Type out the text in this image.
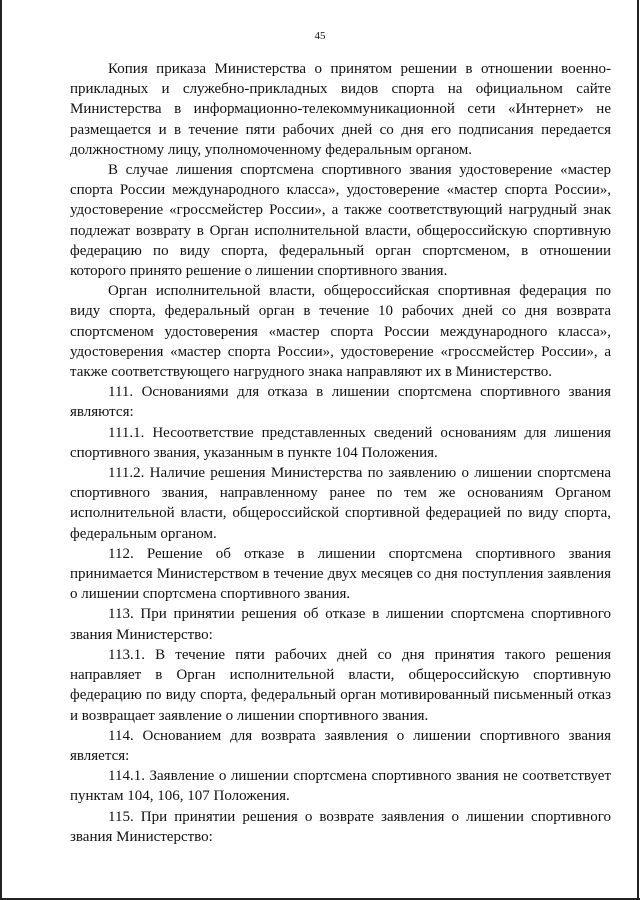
45

Копия приказа Министерства о принятом решении в отношении военно-прикладных и служебно-прикладных видов спорта на официальном сайте Министерства в информационно-телекоммуникационной сети «Интернет» не размещается и в течение пяти рабочих дней со дня его подписания передается должностному лицу, уполномоченному федеральным органом.

В случае лишения спортсмена спортивного звания удостоверение «мастер спорта России международного класса», удостоверение «мастер спорта России», удостоверение «гроссмейстер России», а также соответствующий нагрудный знак подлежат возврату в Орган исполнительной власти, общероссийскую спортивную федерацию по виду спорта, федеральный орган спортсменом, в отношении которого принято решение о лишении спортивного звания.

Орган исполнительной власти, общероссийская спортивная федерация по виду спорта, федеральный орган в течение 10 рабочих дней со дня возврата спортсменом удостоверения «мастер спорта России международного класса», удостоверения «мастер спорта России», удостоверение «гроссмейстер России», а также соответствующего нагрудного знака направляют их в Министерство.

111. Основаниями для отказа в лишении спортсмена спортивного звания являются:

111.1. Несоответствие представленных сведений основаниям для лишения спортивного звания, указанным в пункте 104 Положения.

111.2. Наличие решения Министерства по заявлению о лишении спортсмена спортивного звания, направленному ранее по тем же основаниям Органом исполнительной власти, общероссийской спортивной федерацией по виду спорта, федеральным органом.

112. Решение об отказе в лишении спортсмена спортивного звания принимается Министерством в течение двух месяцев со дня поступления заявления о лишении спортсмена спортивного звания.

113. При принятии решения об отказе в лишении спортсмена спортивного звания Министерство:

113.1. В течение пяти рабочих дней со дня принятия такого решения направляет в Орган исполнительной власти, общероссийскую спортивную федерацию по виду спорта, федеральный орган мотивированный письменный отказ и возвращает заявление о лишении спортивного звания.

114. Основанием для возврата заявления о лишении спортивного звания является:

114.1. Заявление о лишении спортсмена спортивного звания не соответствует пунктам 104, 106, 107 Положения.

115. При принятии решения о возврате заявления о лишении спортивного звания Министерство:
